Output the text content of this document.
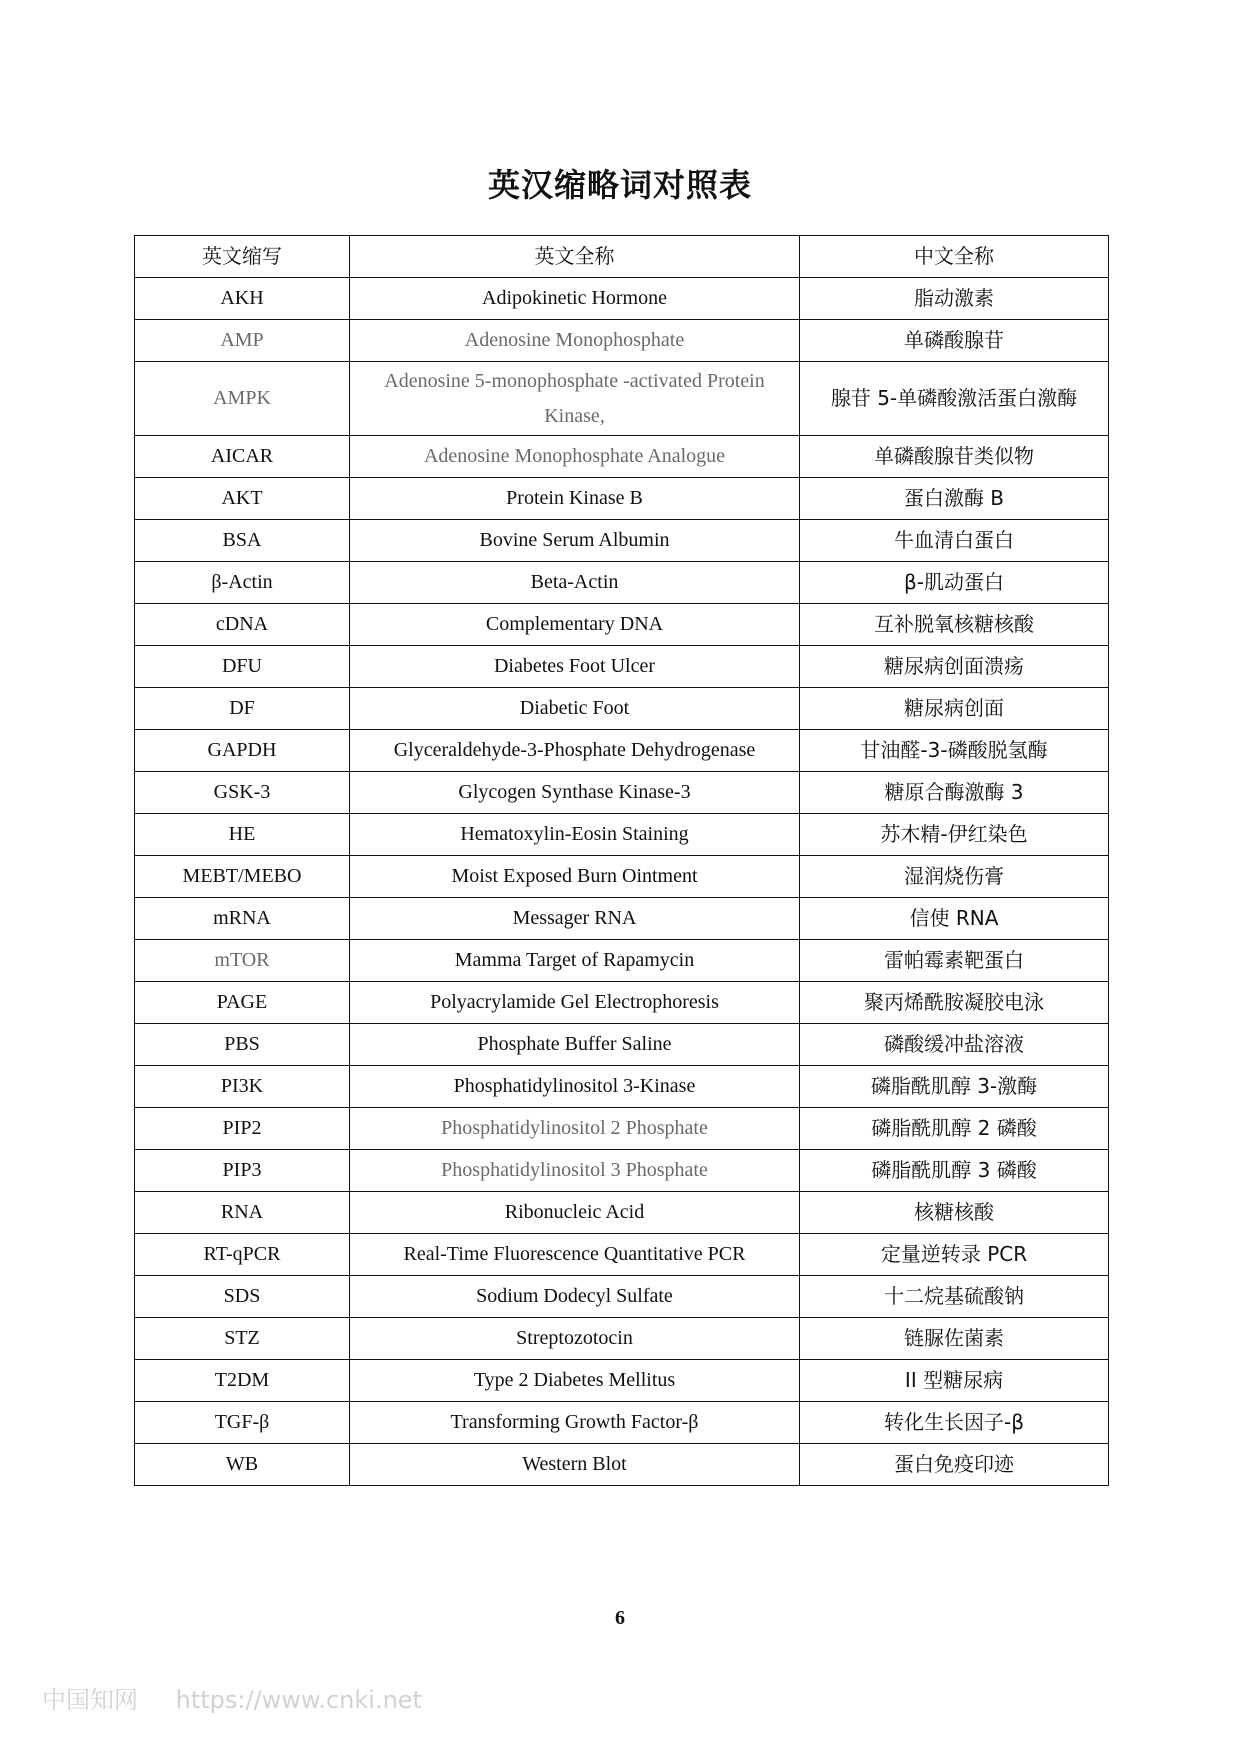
英汉缩略词对照表
英文缩写	英文全称	中文全称
AKH	Adipokinetic Hormone	脂动激素
AMP	Adenosine Monophosphate	单磷酸腺苷
AMPK	Adenosine 5-monophosphate -activated Protein Kinase,	腺苷 5-单磷酸激活蛋白激酶
AICAR	Adenosine Monophosphate Analogue	单磷酸腺苷类似物
AKT	Protein Kinase B	蛋白激酶 B
BSA	Bovine Serum Albumin	牛血清白蛋白
β-Actin	Beta-Actin	β-肌动蛋白
cDNA	Complementary DNA	互补脱氧核糖核酸
DFU	Diabetes Foot Ulcer	糖尿病创面溃疡
DF	Diabetic Foot	糖尿病创面
GAPDH	Glyceraldehyde-3-Phosphate Dehydrogenase	甘油醛-3-磷酸脱氢酶
GSK-3	Glycogen Synthase Kinase-3	糖原合酶激酶 3
HE	Hematoxylin-Eosin Staining	苏木精-伊红染色
MEBT/MEBO	Moist Exposed Burn Ointment	湿润烧伤膏
mRNA	Messager RNA	信使 RNA
mTOR	Mamma Target of Rapamycin	雷帕霉素靶蛋白
PAGE	Polyacrylamide Gel Electrophoresis	聚丙烯酰胺凝胶电泳
PBS	Phosphate Buffer Saline	磷酸缓冲盐溶液
PI3K	Phosphatidylinositol 3-Kinase	磷脂酰肌醇 3-激酶
PIP2	Phosphatidylinositol 2 Phosphate	磷脂酰肌醇 2 磷酸
PIP3	Phosphatidylinositol 3 Phosphate	磷脂酰肌醇 3 磷酸
RNA	Ribonucleic Acid	核糖核酸
RT-qPCR	Real-Time Fluorescence Quantitative PCR	定量逆转录 PCR
SDS	Sodium Dodecyl Sulfate	十二烷基硫酸钠
STZ	Streptozotocin	链脲佐菌素
T2DM	Type 2 Diabetes Mellitus	II 型糖尿病
TGF-β	Transforming Growth Factor-β	转化生长因子-β
WB	Western Blot	蛋白免疫印迹
6
中国知网 https://www.cnki.net
